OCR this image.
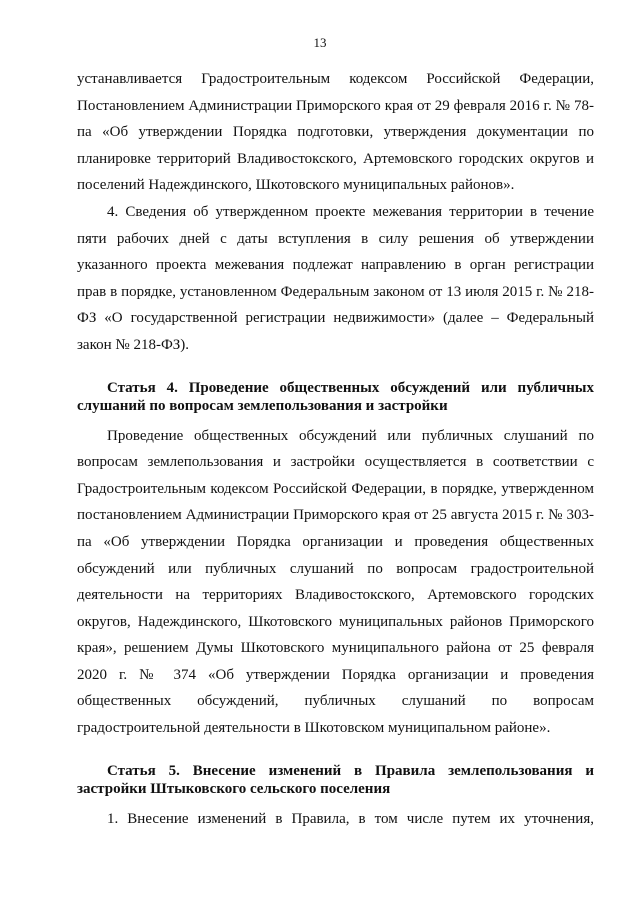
13

устанавливается Градостроительным кодексом Российской Федерации, Постановлением Администрации Приморского края от 29 февраля 2016 г. № 78-па «Об утверждении Порядка подготовки, утверждения документации по планировке территорий Владивостокского, Артемовского городских округов и поселений Надеждинского, Шкотовского муниципальных районов».

4. Сведения об утвержденном проекте межевания территории в течение пяти рабочих дней с даты вступления в силу решения об утверждении указанного проекта межевания подлежат направлению в орган регистрации прав в порядке, установленном Федеральным законом от 13 июля 2015 г. № 218-ФЗ «О государственной регистрации недвижимости» (далее – Федеральный закон № 218-ФЗ).

Статья 4. Проведение общественных обсуждений или публичных слушаний по вопросам землепользования и застройки

Проведение общественных обсуждений или публичных слушаний по вопросам землепользования и застройки осуществляется в соответствии с Градостроительным кодексом Российской Федерации, в порядке, утвержденном постановлением Администрации Приморского края от 25 августа 2015 г. № 303-па «Об утверждении Порядка организации и проведения общественных обсуждений или публичных слушаний по вопросам градостроительной деятельности на территориях Владивостокского, Артемовского городских округов, Надеждинского, Шкотовского муниципальных районов Приморского края», решением Думы Шкотовского муниципального района от 25 февраля 2020 г. № 374 «Об утверждении Порядка организации и проведения общественных обсуждений, публичных слушаний по вопросам градостроительной деятельности в Шкотовском муниципальном районе».

Статья 5. Внесение изменений в Правила землепользования и застройки Штыковского сельского поселения

1. Внесение изменений в Правила, в том числе путем их уточнения,
